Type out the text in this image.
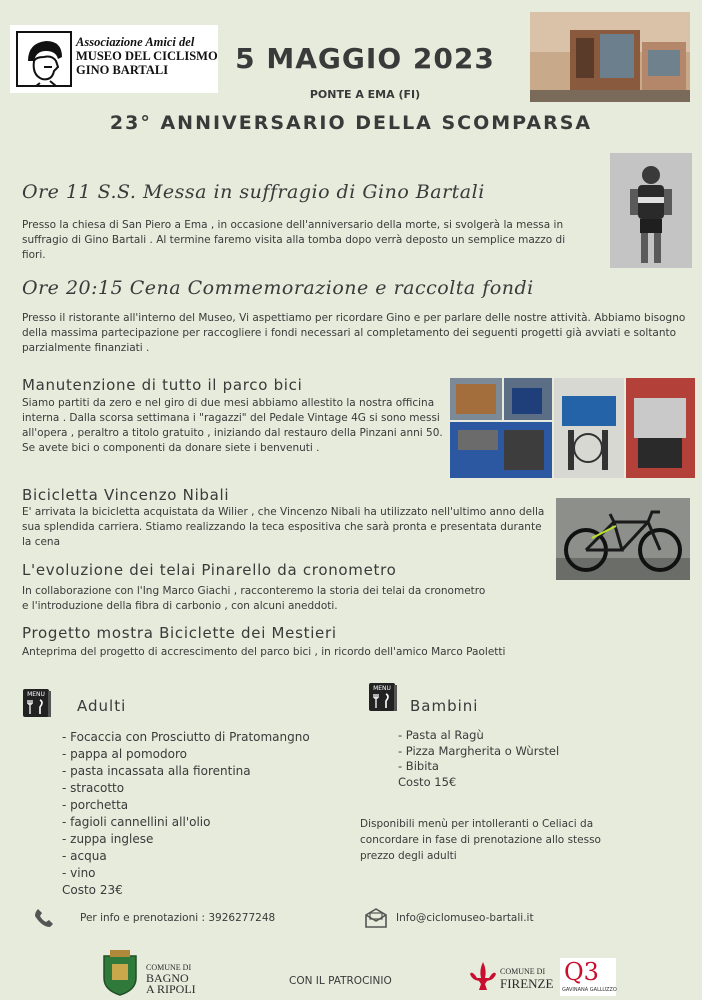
Associazione Amici del
MUSEO DEL CICLISMO
GINO BARTALI	5 MAGGIO 2023
PONTE A EMA (FI)
23° ANNIVERSARIO DELLA SCOMPARSA
Ore 11 S.S. Messa in suffragio di Gino Bartali
Presso la chiesa di San Piero a Ema , in occasione dell'anniversario della morte, si svolgerà la messa in suffragio di Gino Bartali . Al termine faremo visita alla tomba dopo verrà deposto un semplice mazzo di fiori.
Ore 20:15 Cena Commemorazione e raccolta fondi
Presso il ristorante all'interno del Museo, Vi aspettiamo per ricordare Gino e per parlare delle nostre attività. Abbiamo bisogno della massima partecipazione per raccogliere i fondi necessari al completamento dei seguenti progetti già avviati e soltanto parzialmente finanziati .
Manutenzione di tutto il parco bici
Siamo partiti da zero e nel giro di due mesi abbiamo allestito la nostra officina interna . Dalla scorsa settimana i "ragazzi" del Pedale Vintage 4G si sono messi all'opera , peraltro a titolo gratuito , iniziando dal restauro della Pinzani anni 50. Se avete bici o componenti da donare siete i benvenuti .
Bicicletta Vincenzo Nibali
E' arrivata la bicicletta acquistata da Wilier , che Vincenzo Nibali ha utilizzato nell'ultimo anno della sua splendida carriera. Stiamo realizzando la teca espositiva che sarà pronta e presentata durante la cena
L'evoluzione dei telai Pinarello da cronometro
In collaborazione con l'Ing Marco Giachi , racconteremo la storia dei telai da cronometro e l'introduzione della fibra di carbonio , con alcuni aneddoti.
Progetto mostra Biciclette dei Mestieri
Anteprima del progetto di accrescimento del parco bici , in ricordo dell'amico Marco Paoletti
MENU
Adulti
- Focaccia con Prosciutto di Pratomangno
- pappa al pomodoro
- pasta incassata alla fiorentina
- stracotto
- porchetta
- fagioli cannellini all'olio
- zuppa inglese
- acqua
- vino
Costo 23€
MENU
Bambini
- Pasta al Ragù
- Pizza Margherita o Wùrstel
- Bibita
Costo 15€
Disponibili menù per intolleranti o Celiaci da concordare in fase di prenotazione allo stesso prezzo degli adulti
Per info e prenotazioni : 3926277248	Info@ciclomuseo-bartali.it
COMUNE DI
BAGNO
A RIPOLI
CON IL PATROCINIO
COMUNE DI
FIRENZE Q3
GAVINANA GALLUZZO
